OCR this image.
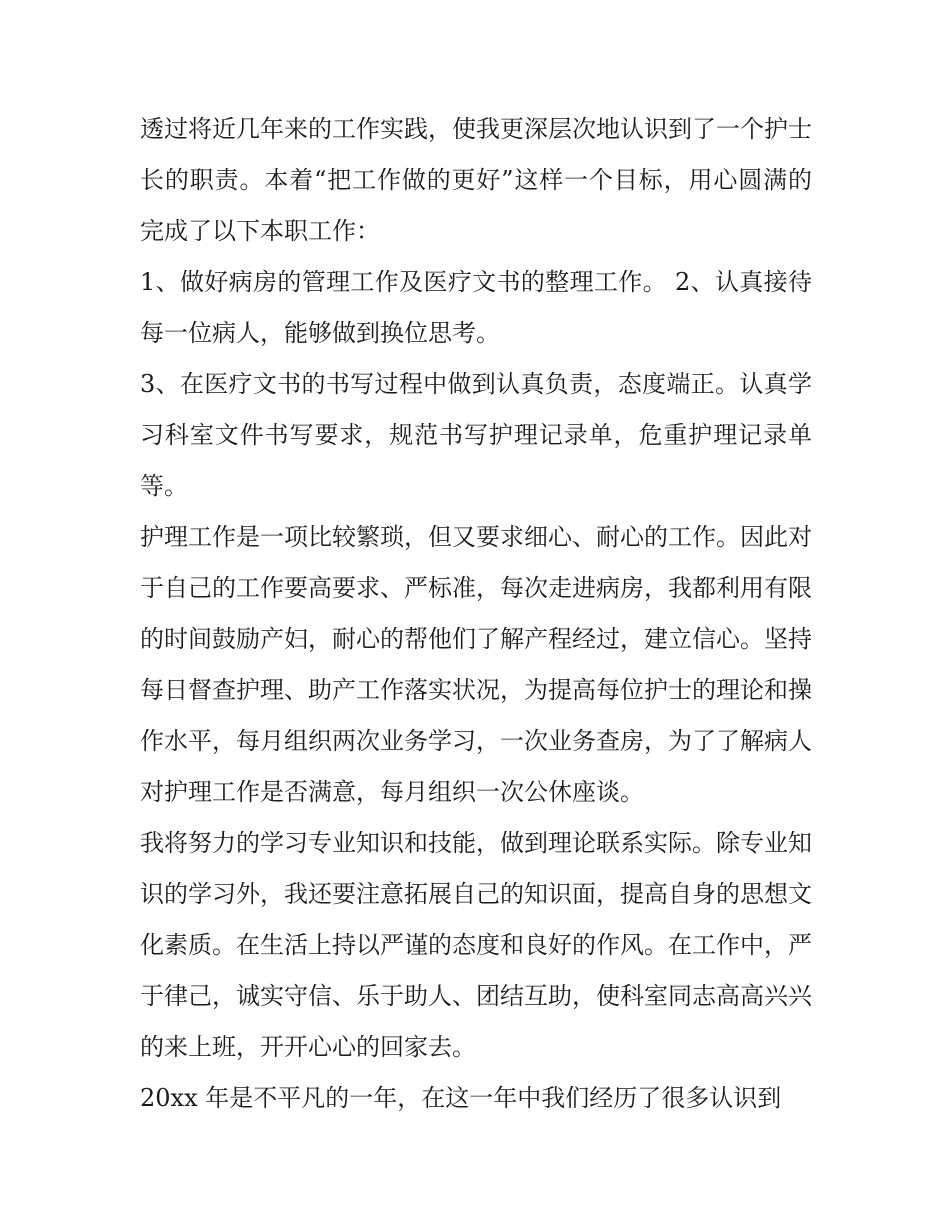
透过将近几年来的工作实践，使我更深层次地认识到了一个护士长的职责。本着“把工作做的更好”这样一个目标，用心圆满的完成了以下本职工作：

1、做好病房的管理工作及医疗文书的整理工作。 2、认真接待每一位病人，能够做到换位思考。

3、在医疗文书的书写过程中做到认真负责，态度端正。认真学习科室文件书写要求，规范书写护理记录单，危重护理记录单等。

护理工作是一项比较繁琐，但又要求细心、耐心的工作。因此对于自己的工作要高要求、严标准，每次走进病房，我都利用有限的时间鼓励产妇，耐心的帮他们了解产程经过，建立信心。坚持每日督查护理、助产工作落实状况，为提高每位护士的理论和操作水平，每月组织两次业务学习，一次业务查房，为了了解病人对护理工作是否满意，每月组织一次公休座谈。

我将努力的学习专业知识和技能，做到理论联系实际。除专业知识的学习外，我还要注意拓展自己的知识面，提高自身的思想文化素质。在生活上持以严谨的态度和良好的作风。在工作中，严于律己，诚实守信、乐于助人、团结互助，使科室同志高高兴兴的来上班，开开心心的回家去。

20xx 年是不平凡的一年，在这一年中我们经历了很多认识到
